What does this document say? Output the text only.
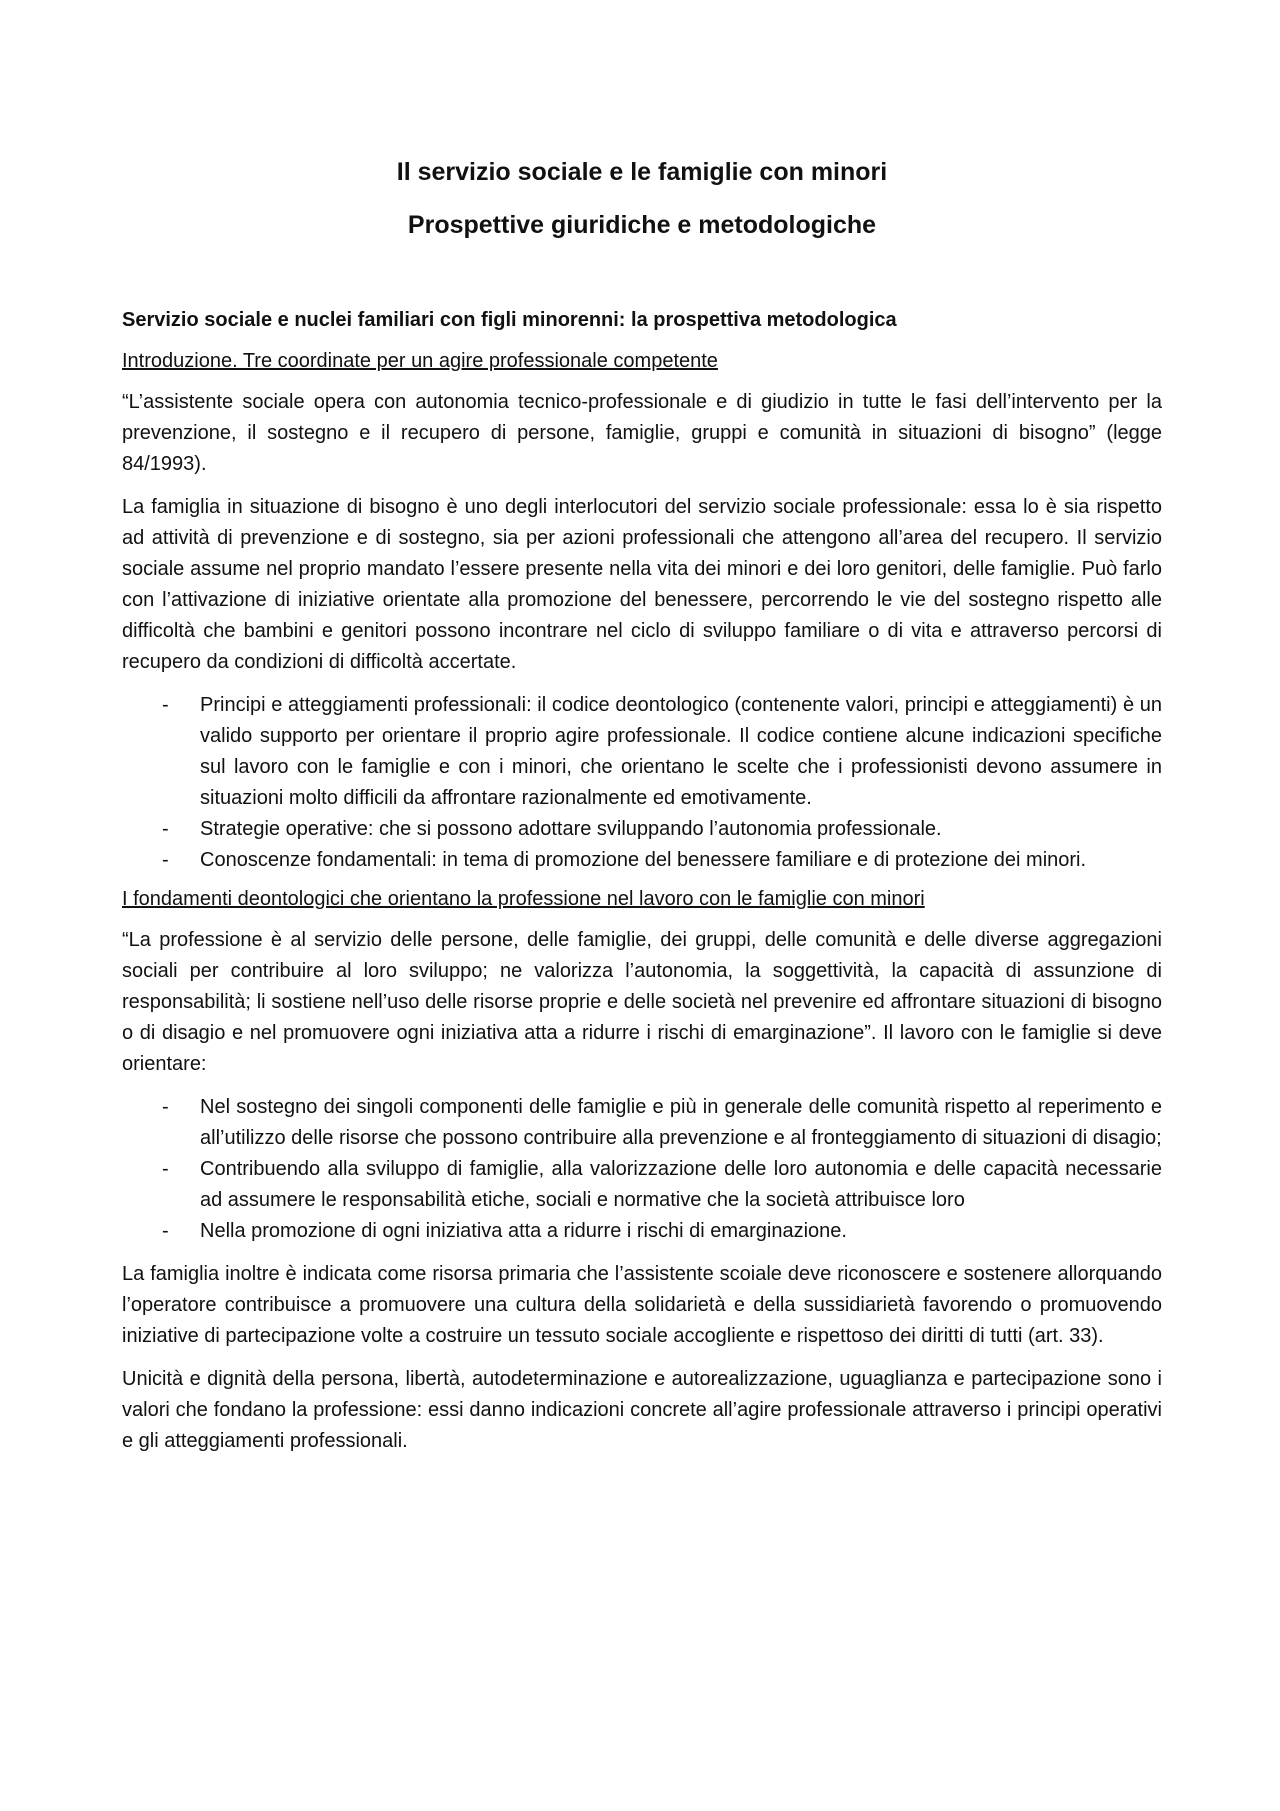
Il servizio sociale e le famiglie con minori
Prospettive giuridiche e metodologiche
Servizio sociale e nuclei familiari con figli minorenni: la prospettiva metodologica
Introduzione. Tre coordinate per un agire professionale competente

“L’assistente sociale opera con autonomia tecnico-professionale e di giudizio in tutte le fasi dell’intervento per la prevenzione, il sostegno e il recupero di persone, famiglie, gruppi e comunità in situazioni di bisogno” (legge 84/1993).

La famiglia in situazione di bisogno è uno degli interlocutori del servizio sociale professionale: essa lo è sia rispetto ad attività di prevenzione e di sostegno, sia per azioni professionali che attengono all’area del recupero. Il servizio sociale assume nel proprio mandato l’essere presente nella vita dei minori e dei loro genitori, delle famiglie. Può farlo con l’attivazione di iniziative orientate alla promozione del benessere, percorrendo le vie del sostegno rispetto alle difficoltà che bambini e genitori possono incontrare nel ciclo di sviluppo familiare o di vita e attraverso percorsi di recupero da condizioni di difficoltà accertate.

- Principi e atteggiamenti professionali: il codice deontologico (contenente valori, principi e atteggiamenti) è un valido supporto per orientare il proprio agire professionale. Il codice contiene alcune indicazioni specifiche sul lavoro con le famiglie e con i minori, che orientano le scelte che i professionisti devono assumere in situazioni molto difficili da affrontare razionalmente ed emotivamente.
- Strategie operative: che si possono adottare sviluppando l’autonomia professionale.
- Conoscenze fondamentali: in tema di promozione del benessere familiare e di protezione dei minori.
I fondamenti deontologici che orientano la professione nel lavoro con le famiglie con minori

“La professione è al servizio delle persone, delle famiglie, dei gruppi, delle comunità e delle diverse aggregazioni sociali per contribuire al loro sviluppo; ne valorizza l’autonomia, la soggettività, la capacità di assunzione di responsabilità; li sostiene nell’uso delle risorse proprie e delle società nel prevenire ed affrontare situazioni di bisogno o di disagio e nel promuovere ogni iniziativa atta a ridurre i rischi di emarginazione”. Il lavoro con le famiglie si deve orientare:

- Nel sostegno dei singoli componenti delle famiglie e più in generale delle comunità rispetto al reperimento e all’utilizzo delle risorse che possono contribuire alla prevenzione e al fronteggiamento di situazioni di disagio;
- Contribuendo alla sviluppo di famiglie, alla valorizzazione delle loro autonomia e delle capacità necessarie ad assumere le responsabilità etiche, sociali e normative che la società attribuisce loro
- Nella promozione di ogni iniziativa atta a ridurre i rischi di emarginazione.

La famiglia inoltre è indicata come risorsa primaria che l’assistente scoiale deve riconoscere e sostenere allorquando l’operatore contribuisce a promuovere una cultura della solidarietà e della sussidiarietà favorendo o promuovendo iniziative di partecipazione volte a costruire un tessuto sociale accogliente e rispettoso dei diritti di tutti (art. 33).

Unicità e dignità della persona, libertà, autodeterminazione e autorealizzazione, uguaglianza e partecipazione sono i valori che fondano la professione: essi danno indicazioni concrete all’agire professionale attraverso i principi operativi e gli atteggiamenti professionali.
